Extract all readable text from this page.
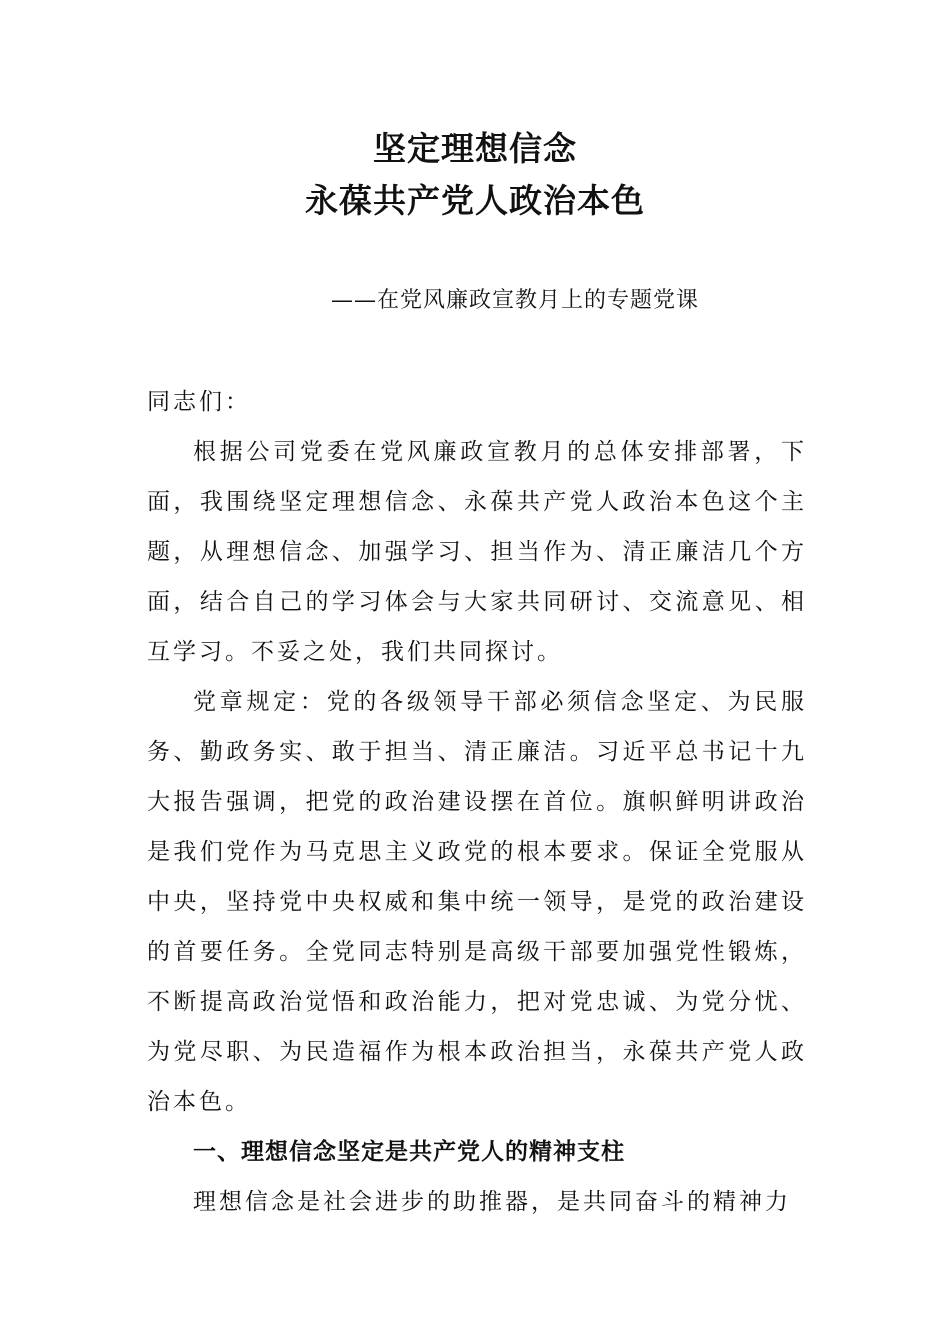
坚定理想信念
永葆共产党人政治本色
——在党风廉政宣教月上的专题党课

同志们：

根据公司党委在党风廉政宣教月的总体安排部署，下面，我围绕坚定理想信念、永葆共产党人政治本色这个主题，从理想信念、加强学习、担当作为、清正廉洁几个方面，结合自己的学习体会与大家共同研讨、交流意见、相互学习。不妥之处，我们共同探讨。

党章规定：党的各级领导干部必须信念坚定、为民服务、勤政务实、敢于担当、清正廉洁。习近平总书记十九大报告强调，把党的政治建设摆在首位。旗帜鲜明讲政治是我们党作为马克思主义政党的根本要求。保证全党服从中央，坚持党中央权威和集中统一领导，是党的政治建设的首要任务。全党同志特别是高级干部要加强党性锻炼，不断提高政治觉悟和政治能力，把对党忠诚、为党分忧、为党尽职、为民造福作为根本政治担当，永葆共产党人政治本色。

一、理想信念坚定是共产党人的精神支柱

理想信念是社会进步的助推器，是共同奋斗的精神力
